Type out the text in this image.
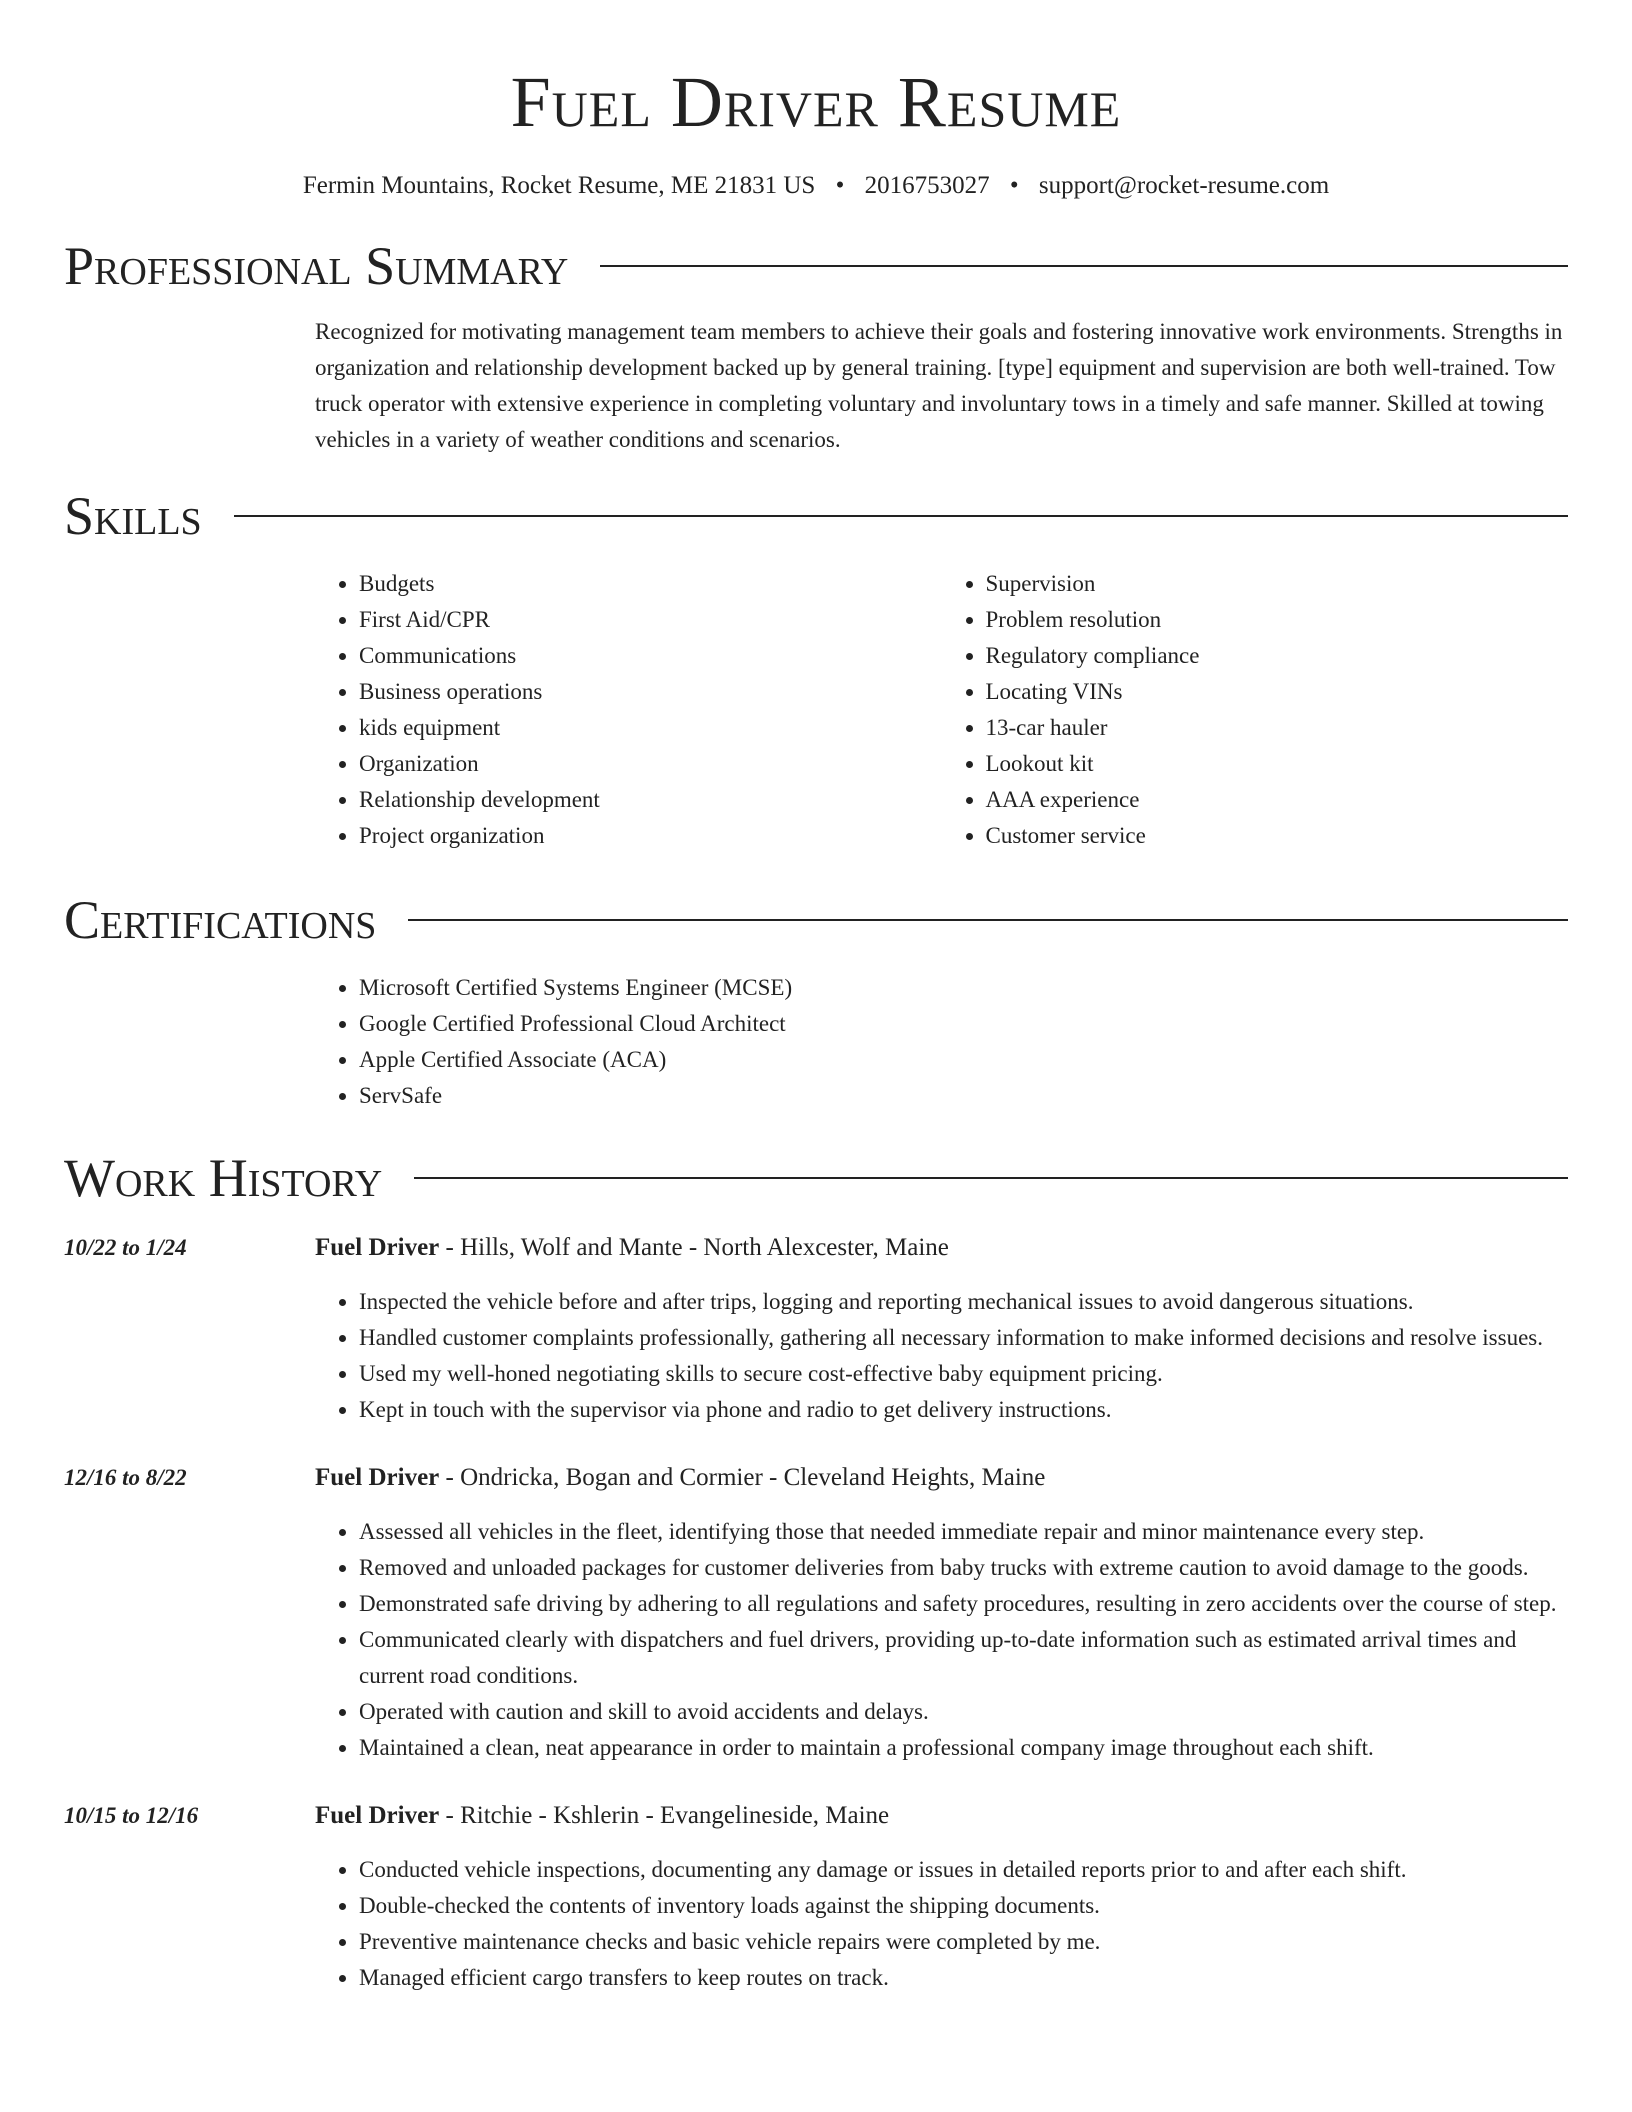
Fuel Driver Resume
Fermin Mountains, Rocket Resume, ME 21831 US • 2016753027 • support@rocket-resume.com
Professional Summary
Recognized for motivating management team members to achieve their goals and fostering innovative work environments. Strengths in organization and relationship development backed up by general training. [type] equipment and supervision are both well-trained. Tow truck operator with extensive experience in completing voluntary and involuntary tows in a timely and safe manner. Skilled at towing vehicles in a variety of weather conditions and scenarios.
Skills
• Budgets
• First Aid/CPR
• Communications
• Business operations
• kids equipment
• Organization
• Relationship development
• Project organization
• Supervision
• Problem resolution
• Regulatory compliance
• Locating VINs
• 13-car hauler
• Lookout kit
• AAA experience
• Customer service
Certifications
• Microsoft Certified Systems Engineer (MCSE)
• Google Certified Professional Cloud Architect
• Apple Certified Associate (ACA)
• ServSafe
Work History
10/22 to 1/24	Fuel Driver - Hills, Wolf and Mante - North Alexcester, Maine
• Inspected the vehicle before and after trips, logging and reporting mechanical issues to avoid dangerous situations.
• Handled customer complaints professionally, gathering all necessary information to make informed decisions and resolve issues.
• Used my well-honed negotiating skills to secure cost-effective baby equipment pricing.
• Kept in touch with the supervisor via phone and radio to get delivery instructions.
12/16 to 8/22	Fuel Driver - Ondricka, Bogan and Cormier - Cleveland Heights, Maine
• Assessed all vehicles in the fleet, identifying those that needed immediate repair and minor maintenance every step.
• Removed and unloaded packages for customer deliveries from baby trucks with extreme caution to avoid damage to the goods.
• Demonstrated safe driving by adhering to all regulations and safety procedures, resulting in zero accidents over the course of step.
• Communicated clearly with dispatchers and fuel drivers, providing up-to-date information such as estimated arrival times and current road conditions.
• Operated with caution and skill to avoid accidents and delays.
• Maintained a clean, neat appearance in order to maintain a professional company image throughout each shift.
10/15 to 12/16	Fuel Driver - Ritchie - Kshlerin - Evangelineside, Maine
• Conducted vehicle inspections, documenting any damage or issues in detailed reports prior to and after each shift.
• Double-checked the contents of inventory loads against the shipping documents.
• Preventive maintenance checks and basic vehicle repairs were completed by me.
• Managed efficient cargo transfers to keep routes on track.
